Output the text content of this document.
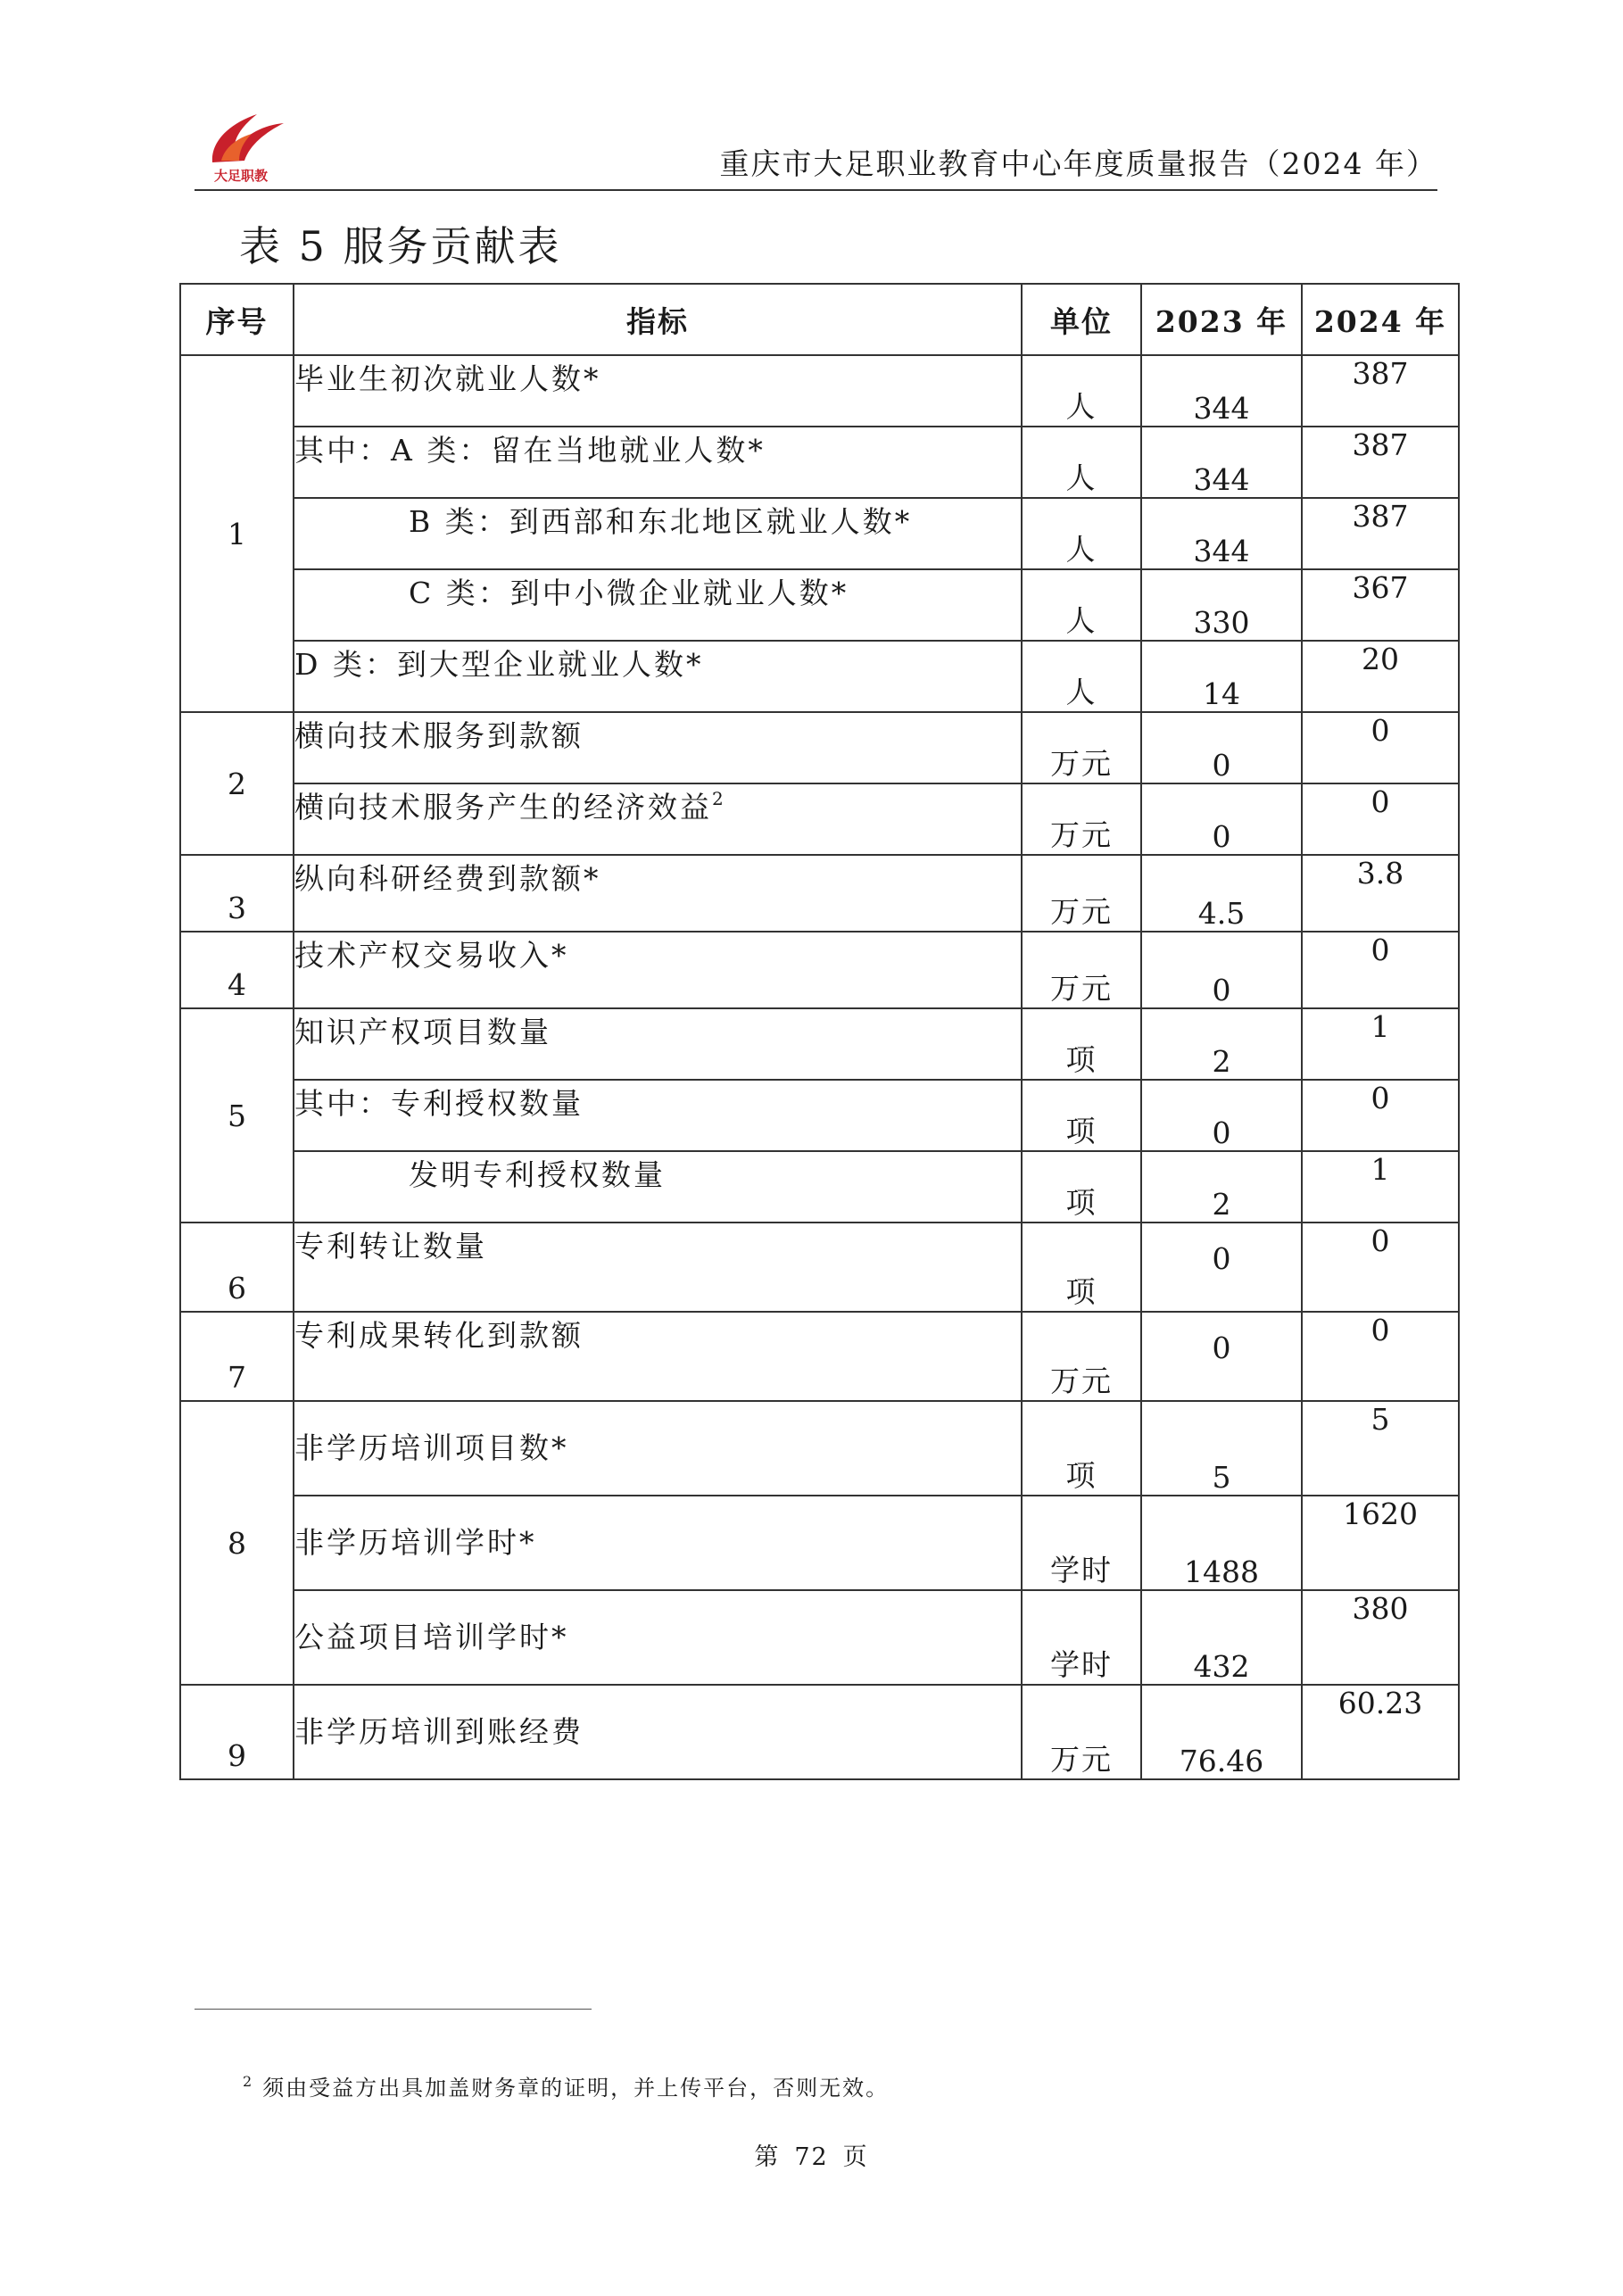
大足职教	重庆市大足职业教育中心年度质量报告（2024 年）
表 5 服务贡献表
序号	指标	单位	2023 年	2024 年
1	毕业生初次就业人数*	人	344	387
	其中：A 类：留在当地就业人数*	人	344	387
	B 类：到西部和东北地区就业人数*	人	344	387
	C 类：到中小微企业就业人数*	人	330	367
	D 类：到大型企业就业人数*	人	14	20
2	横向技术服务到款额	万元	0	0
	横向技术服务产生的经济效益$^2$	万元	0	0
3	纵向科研经费到款额*	万元	4.5	3.8
4	技术产权交易收入*	万元	0	0
5	知识产权项目数量	项	2	1
	其中：专利授权数量	项	0	0
	发明专利授权数量	项	2	1
6	专利转让数量	项	0	0
7	专利成果转化到款额	万元	0	0
8	非学历培训项目数*	项	5	5
	非学历培训学时*	学时	1488	1620
	公益项目培训学时*	学时	432	380
9	非学历培训到账经费	万元	76.46	60.23
$^2$ 须由受益方出具加盖财务章的证明，并上传平台，否则无效。
第 72 页
